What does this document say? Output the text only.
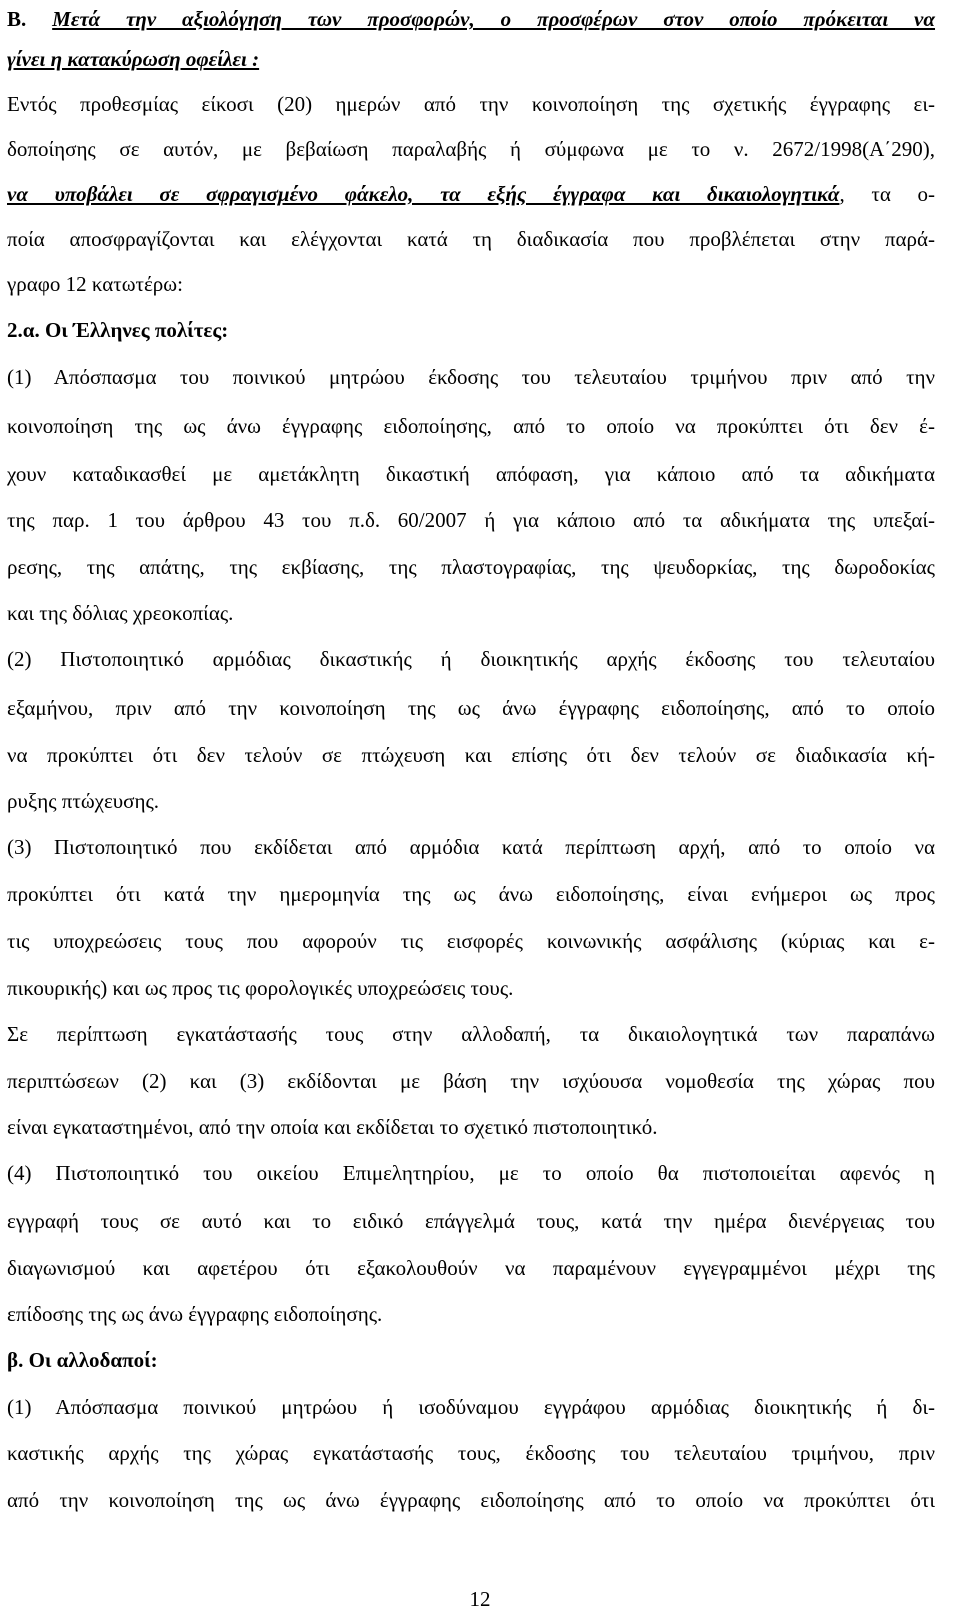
Β. Μετά την αξιολόγηση των προσφορών, ο προσφέρων στον οποίο πρόκειται να
γίνει η κατακύρωση οφείλει :
Εντός προθεσμίας είκοσι (20) ημερών από την κοινοποίηση της σχετικής έγγραφης ει-
δοποίησης σε αυτόν, με βεβαίωση παραλαβής ή σύμφωνα με το ν. 2672/1998(Α΄290),
να υποβάλει σε σφραγισμένο φάκελο, τα εξής έγγραφα και δικαιολογητικά, τα ο-
ποία αποσφραγίζονται και ελέγχονται κατά τη διαδικασία που προβλέπεται στην παρά-
γραφο 12 κατωτέρω:
2.α. Οι Έλληνες πολίτες:
(1) Απόσπασμα του ποινικού μητρώου έκδοσης του τελευταίου τριμήνου πριν από την
κοινοποίηση της ως άνω έγγραφης ειδοποίησης, από το οποίο να προκύπτει ότι δεν έ-
χουν καταδικασθεί με αμετάκλητη δικαστική απόφαση, για κάποιο από τα αδικήματα
της παρ. 1 του άρθρου 43 του π.δ. 60/2007 ή για κάποιο από τα αδικήματα της υπεξαί-
ρεσης, της απάτης, της εκβίασης, της πλαστογραφίας, της ψευδορκίας, της δωροδοκίας
και της δόλιας χρεοκοπίας.
(2) Πιστοποιητικό αρμόδιας δικαστικής ή διοικητικής αρχής έκδοσης του τελευταίου
εξαμήνου, πριν από την κοινοποίηση της ως άνω έγγραφης ειδοποίησης, από το οποίο
να προκύπτει ότι δεν τελούν σε πτώχευση και επίσης ότι δεν τελούν σε διαδικασία κή-
ρυξης πτώχευσης.
(3) Πιστοποιητικό που εκδίδεται από αρμόδια κατά περίπτωση αρχή, από το οποίο να
προκύπτει ότι κατά την ημερομηνία της ως άνω ειδοποίησης, είναι ενήμεροι ως προς
τις υποχρεώσεις τους που αφορούν τις εισφορές κοινωνικής ασφάλισης (κύριας και ε-
πικουρικής) και ως προς τις φορολογικές υποχρεώσεις τους.
Σε περίπτωση εγκατάστασής τους στην αλλοδαπή, τα δικαιολογητικά των παραπάνω
περιπτώσεων (2) και (3) εκδίδονται με βάση την ισχύουσα νομοθεσία της χώρας που
είναι εγκαταστημένοι, από την οποία και εκδίδεται το σχετικό πιστοποιητικό.
(4) Πιστοποιητικό του οικείου Επιμελητηρίου, με το οποίο θα πιστοποιείται αφενός η
εγγραφή τους σε αυτό και το ειδικό επάγγελμά τους, κατά την ημέρα διενέργειας του
διαγωνισμού και αφετέρου ότι εξακολουθούν να παραμένουν εγγεγραμμένοι μέχρι της
επίδοσης της ως άνω έγγραφης ειδοποίησης.
β. Οι αλλοδαποί:
(1) Απόσπασμα ποινικού μητρώου ή ισοδύναμου εγγράφου αρμόδιας διοικητικής ή δι-
καστικής αρχής της χώρας εγκατάστασής τους, έκδοσης του τελευταίου τριμήνου, πριν
από την κοινοποίηση της ως άνω έγγραφης ειδοποίησης από το οποίο να προκύπτει ότι
12
